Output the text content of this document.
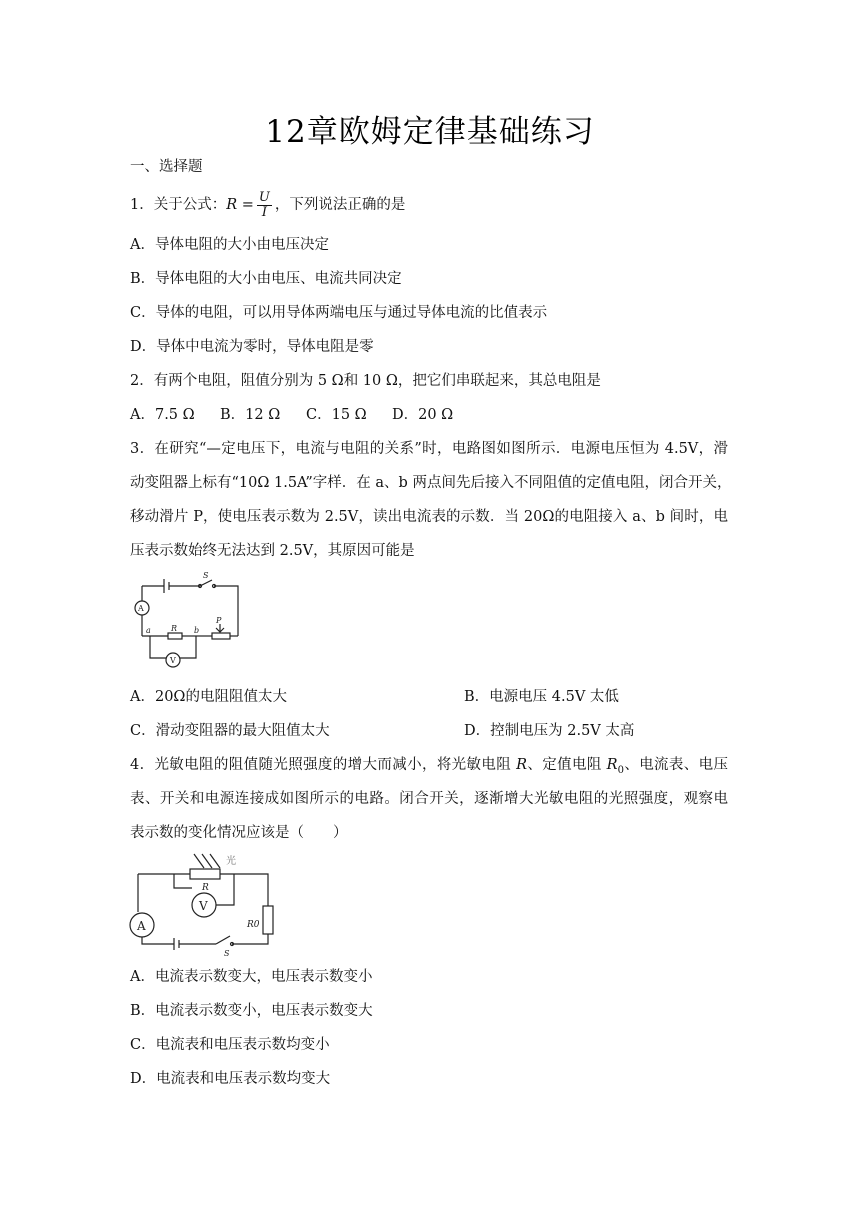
12章欧姆定律基础练习
一、选择题
1．关于公式：$R = \frac{U}{I}$ ，下列说法正确的是
A．导体电阻的大小由电压决定
B．导体电阻的大小由电压、电流共同决定
C．导体的电阻，可以用导体两端电压与通过导体电流的比值表示
D．导体中电流为零时，导体电阻是零
2．有两个电阻，阻值分别为 5 Ω和 10 Ω，把它们串联起来，其总电阻是
A．7.5 Ω B．12 Ω C．15 Ω D．20 Ω
3．在研究“—定电压下，电流与电阻的关系”时，电路图如图所示．电源电压恒为 4.5V，滑
动变阻器上标有“10Ω 1.5A”字样．在 a、b 两点间先后接入不同阻值的定值电阻，闭合开关，
移动滑片 P，使电压表示数为 2.5V，读出电流表的示数．当 20Ω的电阻接入 a、b 间时，电
压表示数始终无法达到 2.5V，其原因可能是
S
A
a	R b
P
V
A．20Ω的电阻阻值太大	B．电源电压 4.5V 太低
C．滑动变阻器的最大阻值太大	D．控制电压为 2.5V 太高
4．光敏电阻的阻值随光照强度的增大而减小，将光敏电阻 R、定值电阻 $R_0$、电流表、电压
表、开关和电源连接成如图所示的电路。闭合开关，逐渐增大光敏电阻的光照强度，观察电
表示数的变化情况应该是（　　）
光
R
V
A	R0
S
A．电流表示数变大，电压表示数变小
B．电流表示数变小，电压表示数变大
C．电流表和电压表示数均变小
D．电流表和电压表示数均变大
